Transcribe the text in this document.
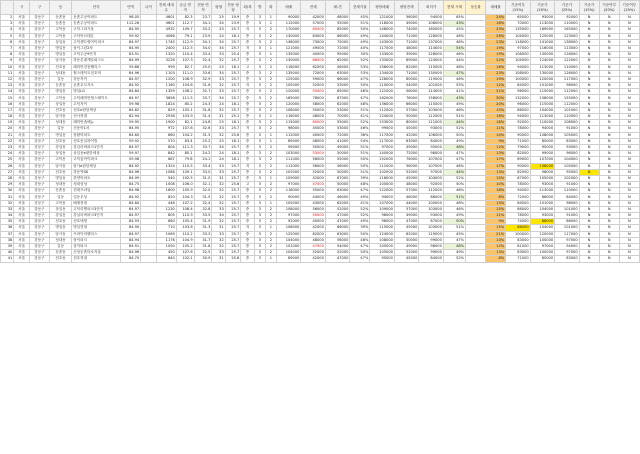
	시	구	동	단지	면적	나이	전체 세대수	공급 면적	전용 면적	평형	전용 평형	최/복	방	화	매매	전세	매-전	전세가율	평당매매	평당전세	최저가	현재 시세	상승률	매매률	기준여부 (15%)	기준가 (20%)	기준가 (25%)	기준가 (15%)	기준여부 (20%)	기준여부 (25%)
2	서울	강동구	둔촌동	둔촌주공아파트	98.05		4601	82.3	23.7	25	19.9	중	3	1	90000	42000	48000	45%	121000	56000	94000	65%		24%	65000	93000	92000	N	N	N
3	서울	강동구	둔촌동	둔촌주공아파트	112.26		4601	112.7	34.1	34	23.9	중	3	1	112000	57000	55000	51%	118000	49000	108000	43%		18%	70000	113000	110000	N	N	N
4	서울	강동구	고덕동	고덕그라시움	84.95		4932	109.7	33.2	33	25.7	저	3	2	170000	85000	85000	50%	148000	74000	160000	45%		33%	135000	169000	165000	N	N	N
5	서울	강동구	고덕동	고덕아르테온	59.92		4066	79.1	23.9	24	18.1	중	3	2	130000	64000	66000	49%	144000	71000	128000	46%		26%	104000	125000	123000	N	N	N
6	서울	강동구	상일동	고덕센트럴아이파크	84.97		1745	112.9	34.1	34	25.7	중	3	2	148000	73000	75000	49%	143000	71000	137000	48%		23%	118000	141000	138000	N	N	N
7	서울	강동구	명일동	삼익그린2차	84.90		2400	112.5	34.0	34	25.7	저	3	1	121000	49000	72000	40%	117000	48000	114000	54%		19%	97000	116000	113000	N	N	N
8	서울	강동구	명일동	고덕주공9단지	83.91		1320	110.4	33.4	33	25.4	중	3	1	135000	40000	95000	30%	133000	39000	128000	46%		19%	108000	130000	126000	N	N	N
9	서울	강동구	암사동	강동롯데캐슬퍼스트	84.99		3226	107.3	32.4	32	25.7	중	3	2	130000	68000	62000	52%	133000	69000	124000	44%		22%	104000	124000	122000	N	N	N
10	서울	강동구	천호동	래미안강동팰리스	59.86		999	82.7	25.0	25	18.1	고	3	2	118000	62000	56000	53%	156000	82000	115000	46%		16%	94000	113000	110000	N	N	N
11	서울	강동구	성내동	힐스테이트천호역	84.96		1103	111.0	33.6	34	25.7	중	3	2	135000	72000	63000	53%	134000	71000	130000	47%		23%	108000	130000	126000	N	N	N
12	서울	강동구	길동	강동자이	84.97		1200	108.9	32.9	33	25.7	중	3	2	125000	59000	66000	47%	126000	60000	119000	46%		19%	100000	120000	117000	N	N	N
13	서울	강동구	둔촌동	둔촌푸르지오	84.92		1160	104.6	31.6	32	25.7	저	3	2	105000	52000	53000	50%	110000	54000	101000	55%		12%	84000	101000	98000	N	N	N
14	서울	강동구	명일동	명일LG	84.84		1359	108.2	32.7	33	25.7	중	3	2	120000	55000	65000	46%	121000	56000	114000	41%		21%	96000	115000	112000	N	N	N
15	서울	강동구	고덕동	고덕래미안힐스테이트	84.97		3658	111.5	33.7	34	25.7	중	3	2	165000	78000	87000	47%	162000	76000	158000	43%		30%	132000	158000	155000	N	N	N
16	서울	강동구	상일동	고덕자이	59.98		1824	80.2	24.3	24	18.1	중	3	2	120000	58000	62000	48%	136000	66000	115000	49%		20%	96000	115000	112000	N	N	N
17	서울	강동구	천호동	천호e편한세상	84.82		829	105.1	31.8	32	25.7	중	3	2	108000	55000	53000	51%	112000	57000	103000	46%		15%	86000	104000	101000	N	N	N
18	서울	강동구	암사동	선사현대	82.94		2938	103.9	31.4	31	25.1	중	3	1	118000	48000	70000	41%	124000	50000	112000	51%		18%	94000	113000	110000	N	N	N
19	서울	강동구	성내동	래미안솔베뉴	59.95		1900	82.1	24.8	25	18.1	중	3	2	115000	60000	55000	52%	153000	80000	111000	44%		18%	92000	110000	108000	N	N	N
20	서울	강동구	길동	신동아1차	84.95		972	107.8	32.6	33	25.7	저	3	2	98000	45000	53000	46%	99000	45000	93000	52%		11%	78000	94000	91000	N	N	N
21	서울	강동구	명일동	삼환아파트	84.60		660	104.2	31.5	32	25.6	중	3	1	112000	40000	72000	36%	117000	42000	106000	50%		14%	90000	108000	105000	N	N	N
22	서울	강동구	천호동	천호동일하이빌	59.92		570	83.4	25.2	25	18.1	중	3	1	89000	48000	41000	54%	117000	63000	84000	49%		9%	71000	85000	83000	N	N	N
23	서울	강동구	강일동	강일리버파크1단지	84.97		804	111.3	33.7	34	25.7	중	3	2	99000	50000	49000	51%	97000	49000	95000	48%		12%	79000	95000	93000	N	N	N
24	서울	강동구	상일동	상일동e편한세상	59.97		842	80.1	24.2	24	18.1	중	3	2	103000	53000	50000	51%	140000	72000	98000	47%		13%	82000	99000	96000	N	N	N
25	서울	강동구	고덕동	고덕숲아이파크	59.98		687	79.8	24.1	24	18.1	중	3	2	111000	56000	55000	50%	152000	76000	107000	47%		17%	89000	107000	104000	N	N	N
26	서울	강동구	암사동	암사e편한세상	84.92		1324	110.5	33.4	33	25.7	저	3	2	112000	56000	56000	50%	111000	56000	107000	46%		17%	90000	108000	105000	N	N	N
27	서울	강동구	천호동	강동역SK	84.96		1088	109.1	33.0	33	25.7	중	3	2	102000	52000	50000	51%	102000	52000	97000	44%		13%	82000	98000	95000	N	N	N
28	서울	강동구	명일동	한양아파트	84.99		540	102.5	31.0	31	25.7	중	3	1	109000	42000	67000	39%	116000	45000	104000	52%		15%	87000	105000	102000	N	N	N
29	서울	강동구	성내동	성내삼성	84.75		1008	106.0	32.1	32	25.6	고	3	2	97000	47000	50000	48%	100000	48000	92000	50%		10%	78000	93000	91000	N	N	N
30	서울	강동구	둔촌동	현대프라임	84.98		1600	105.9	32.0	32	25.7	중	3	2	118000	55000	63000	47%	122000	57000	112000	46%		18%	94000	113000	110000	N	N	N
31	서울	강동구	길동	길동우성	84.92		820	104.3	31.5	32	25.7	중	3	2	90000	44000	46000	49%	94000	46000	86000	51%		8%	72000	86000	84000	N	N	N
32	서울	강동구	고덕동	배재현대	84.84		448	107.2	32.4	32	25.7	중	3	1	105000	43000	62000	41%	107000	44000	100000	48%		13%	84000	101000	98000	N	N	N
33	서울	강동구	상일동	고덕리엔파크3단지	84.97		1230	108.4	32.8	33	25.7	중	3	2	108000	56000	52000	52%	109000	57000	103000	46%		15%	86000	104000	101000	N	N	N
34	서울	강동구	강일동	강일리버파크3단지	84.97		805	110.9	33.5	34	25.7	중	3	2	97000	50000	47000	52%	96000	49000	93000	49%		11%	78000	93000	91000	N	N	N
35	서울	강동구	천호동	천호태영	84.93		680	105.4	31.9	32	25.7	중	3	2	92000	45000	47000	49%	96000	47000	87000	50%		9%	74000	88000	86000	N	N	N
36	서울	강동구	명일동	명일현대	84.90		710	103.6	31.3	31	25.7	저	3	1	108000	42000	66000	39%	115000	45000	103000	51%		15%	86000	104000	101000	N	N	N
37	서울	강동구	암사동	프라이어팰리스	84.97		1069	110.2	33.3	33	25.7	중	3	2	125000	62000	63000	50%	124000	62000	119000	45%		21%	100000	120000	117000	N	N	N
38	서울	강동구	성내동	삼익파크	84.94		1176	104.9	31.7	32	25.7	중	3	2	104000	48000	56000	46%	108000	50000	99000	47%		13%	83000	100000	97000	N	N	N
39	서울	강동구	길동	삼익파크	84.91		1050	105.2	31.8	32	25.7	중	3	2	101000	47000	54000	47%	105000	49000	96000	48%		12%	81000	97000	94000	N	N	N
40	서울	강동구	둔촌동	신성둔촌미소지움	84.96		450	107.6	32.5	33	25.7	중	3	2	104000	52000	52000	50%	105000	52000	99000	49%		13%	83000	100000	97000	N	N	N
41	서울	강동구	천호동	천호현대	84.70		640	102.1	30.9	31	25.6	중	3	1	89000	42000	47000	47%	95000	45000	84000	52%		8%	71000	85000	83000	N	N	N
